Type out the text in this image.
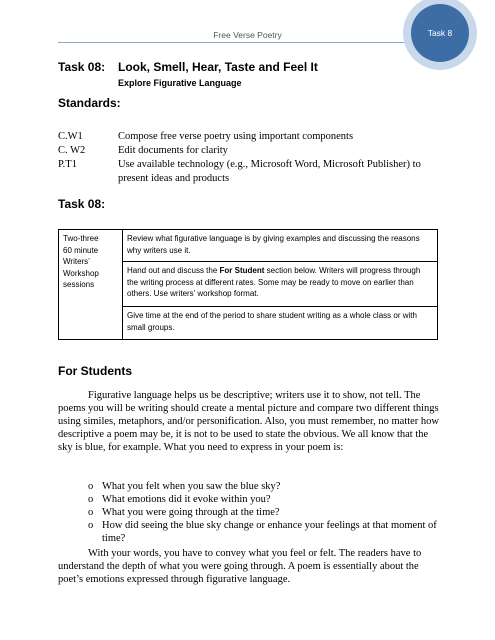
Free Verse Poetry	Task 8
Task 08: Look, Smell, Hear, Taste and Feel It
Explore Figurative Language
Standards:
C.W1	Compose free verse poetry using important components
C. W2	Edit documents for clarity
P.T1	Use available technology (e.g., Microsoft Word, Microsoft Publisher) to present ideas and products
Task 08:
Two-three
60 minute
Writers’
Workshop
sessions
	Review what figurative language is by giving examples and discussing the reasons why writers use it.
Hand out and discuss the For Student section below. Writers will progress through the writing process at different rates. Some may be ready to move on earlier than others. Use writers’ workshop format.
Give time at the end of the period to share student writing as a whole class or with small groups.
For Students
Figurative language helps us be descriptive; writers use it to show, not tell. The poems you will be writing should create a mental picture and compare two different things using similes, metaphors, and/or personification. Also, you must remember, no matter how descriptive a poem may be, it is not to be used to state the obvious. We all know that the sky is blue, for example. What you need to express in your poem is:
o What you felt when you saw the blue sky?
o What emotions did it evoke within you?
o What you were going through at the time?
o How did seeing the blue sky change or enhance your feelings at that moment of time?
With your words, you have to convey what you feel or felt. The readers have to understand the depth of what you were going through. A poem is essentially about the poet’s emotions expressed through figurative language.
